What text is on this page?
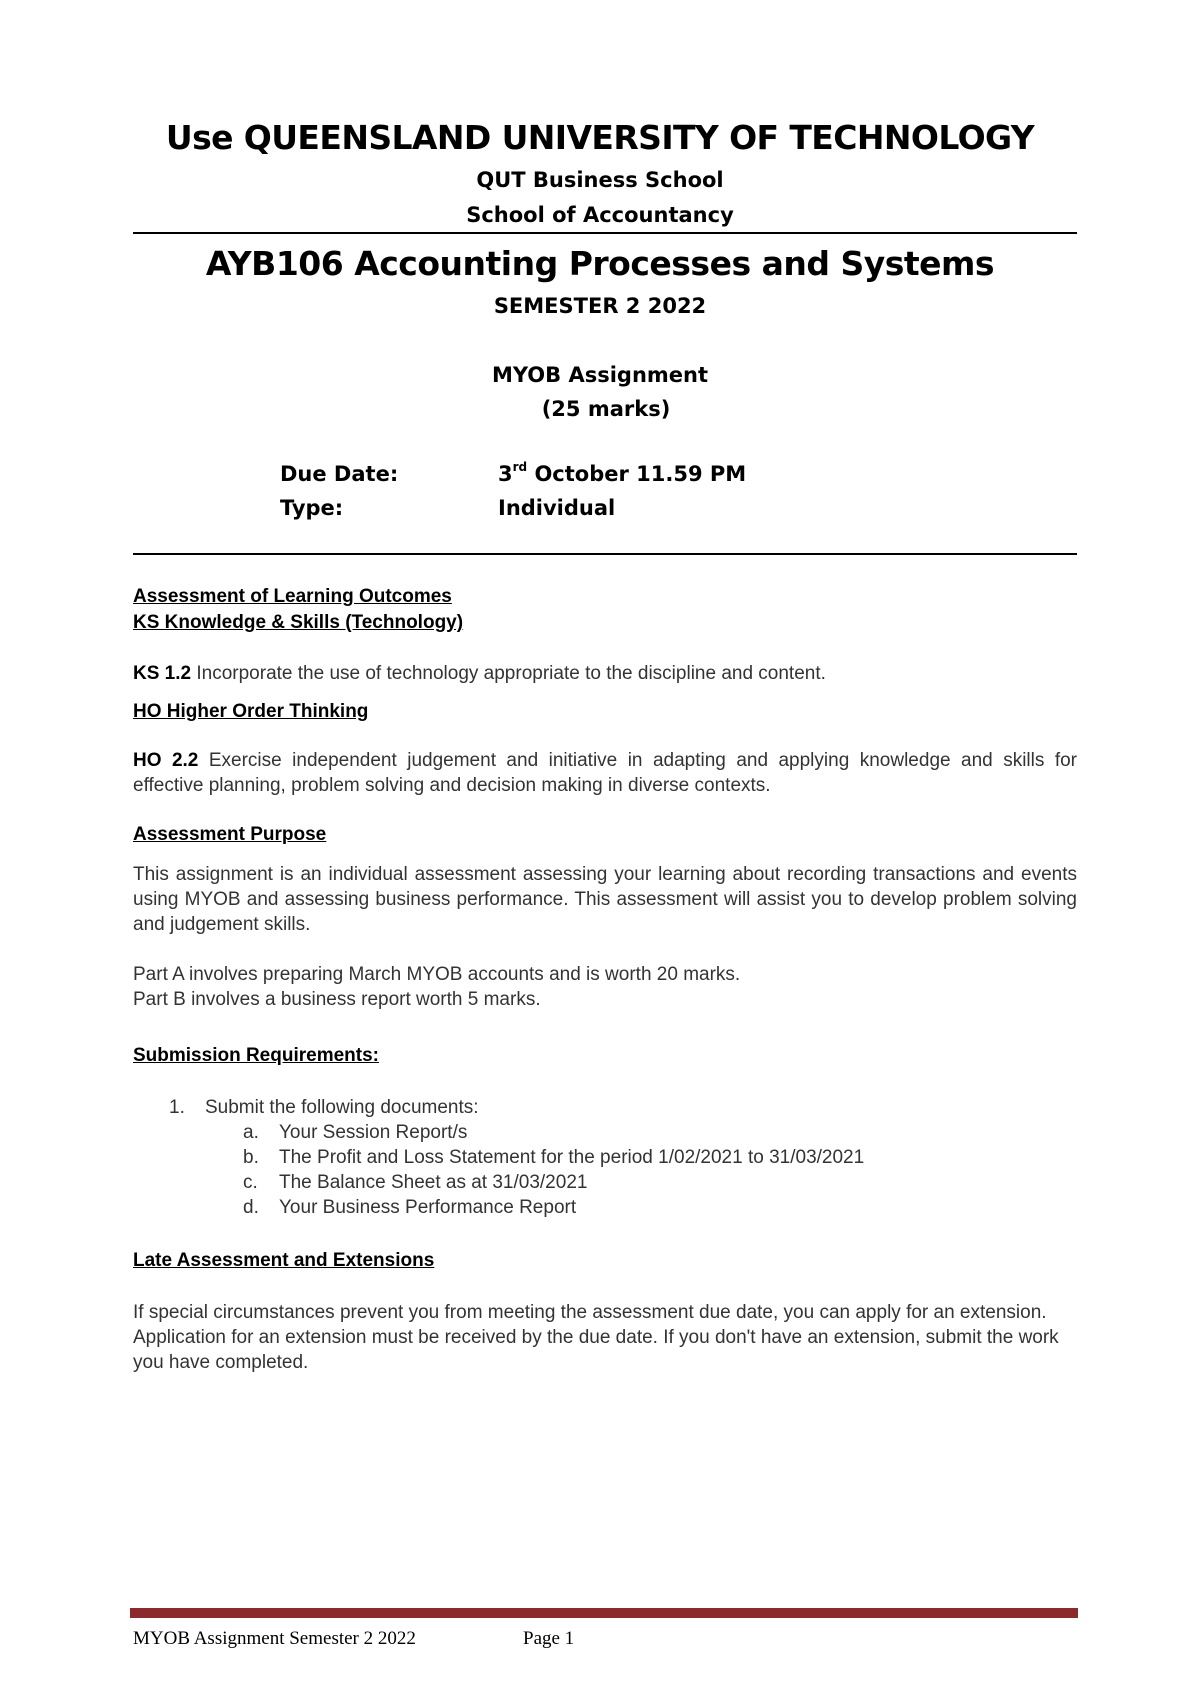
Use QUEENSLAND UNIVERSITY OF TECHNOLOGY
QUT Business School
School of Accountancy
AYB106 Accounting Processes and Systems
SEMESTER 2 2022
MYOB Assignment
(25 marks)
Due Date:	3rd October 11.59 PM
Type:	Individual
Assessment of Learning Outcomes
KS Knowledge & Skills (Technology)
KS 1.2 Incorporate the use of technology appropriate to the discipline and content.
HO Higher Order Thinking
HO 2.2 Exercise independent judgement and initiative in adapting and applying knowledge and skills for effective planning, problem solving and decision making in diverse contexts.
Assessment Purpose
This assignment is an individual assessment assessing your learning about recording transactions and events using MYOB and assessing business performance. This assessment will assist you to develop problem solving and judgement skills.
Part A involves preparing March MYOB accounts and is worth 20 marks.
Part B involves a business report worth 5 marks.
Submission Requirements:
1. Submit the following documents:
a. Your Session Report/s
b. The Profit and Loss Statement for the period 1/02/2021 to 31/03/2021
c. The Balance Sheet as at 31/03/2021
d. Your Business Performance Report
Late Assessment and Extensions
If special circumstances prevent you from meeting the assessment due date, you can apply for an extension. Application for an extension must be received by the due date. If you don't have an extension, submit the work you have completed.
MYOB Assignment Semester 2 2022	Page 1
